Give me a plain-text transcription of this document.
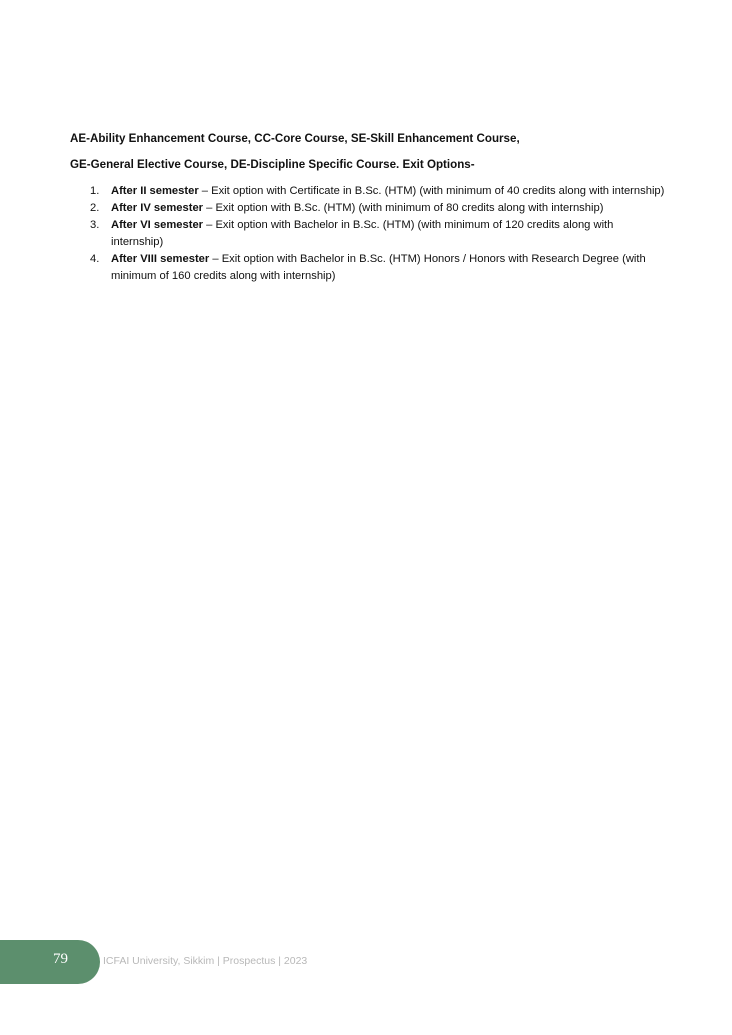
AE-Ability Enhancement Course, CC-Core Course, SE-Skill Enhancement Course,
GE-General Elective Course, DE-Discipline Specific Course. Exit Options-
1. After II semester – Exit option with Certificate in B.Sc. (HTM) (with minimum of 40 credits along with internship)
2. After IV semester – Exit option with B.Sc. (HTM) (with minimum of 80 credits along with internship)
3. After VI semester – Exit option with Bachelor in B.Sc. (HTM) (with minimum of 120 credits along with internship)
4. After VIII semester – Exit option with Bachelor in B.Sc. (HTM) Honors / Honors with Research Degree (with minimum of 160 credits along with internship)
79	ICFAI University, Sikkim | Prospectus | 2023
